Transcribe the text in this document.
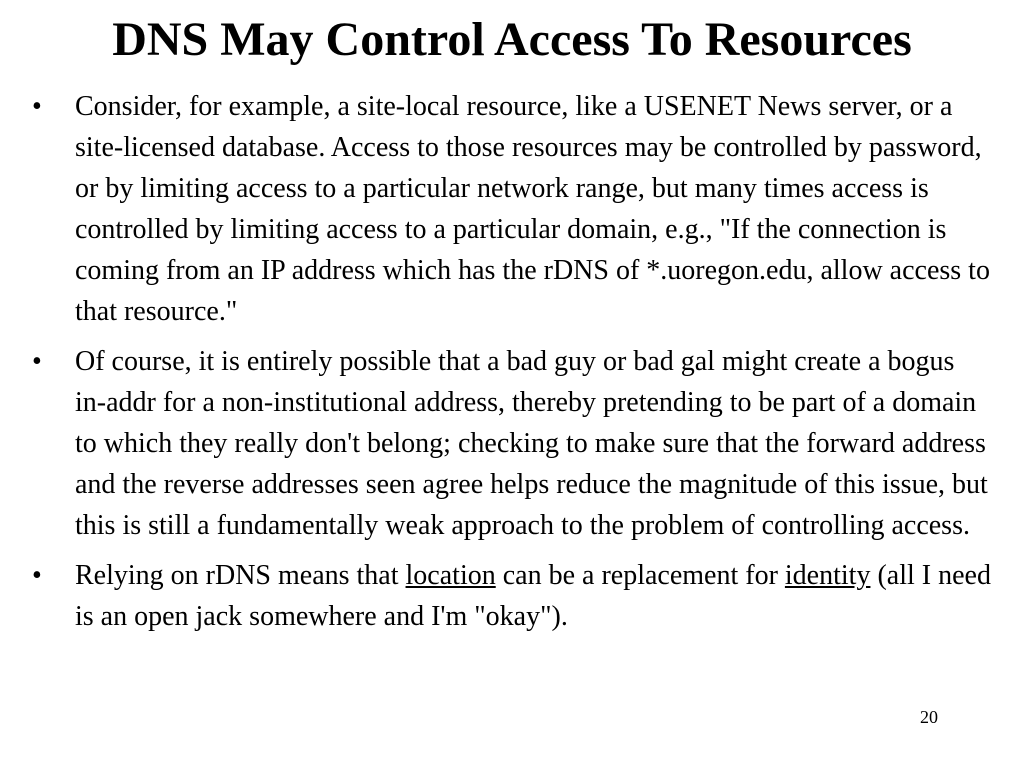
DNS May Control Access To Resources
•	Consider, for example, a site-local resource, like a USENET News server, or a site-licensed database. Access to those resources may be controlled by password, or by limiting access to a particular network range, but many times access is controlled by limiting access to a particular domain, e.g., "If the connection is coming from an IP address which has the rDNS of *.uoregon.edu, allow access to that resource."
•	Of course, it is entirely possible that a bad guy or bad gal might create a bogus in-addr for a non-institutional address, thereby pretending to be part of a domain to which they really don't belong; checking to make sure that the forward address and the reverse addresses seen agree helps reduce the magnitude of this issue, but this is still a fundamentally weak approach to the problem of controlling access.
•	Relying on rDNS means that location can be a replacement for identity (all I need is an open jack somewhere and I'm "okay").
20
